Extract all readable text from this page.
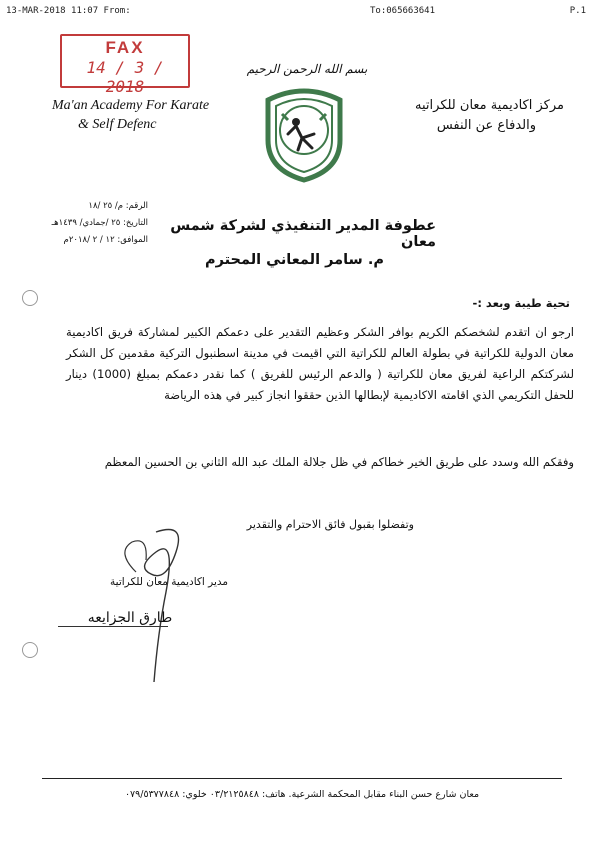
13-MAR-2018 11:07 From:	To:065663641	P.1
FAX
14 / 3 / 2018
بسم الله الرحمن الرحيم
Ma'an Academy For Karate
& Self Defenc
مركز اكاديمية معان للكراتيه
والدفاع عن النفس
الرقم: م/ ٢٥ /١٨
التاريخ: ٢٥ /جمادي/ ١٤٣٩هـ
الموافق: ١٢ / ٢ /٢٠١٨م
عطوفة المدير التنفيذي لشركة شمس معان
م. سامر المعاني المحترم
تحية طيبة وبعد :-
ارجو ان اتقدم لشخصكم الكريم بوافر الشكر وعظيم التقدير على دعمكم الكبير لمشاركة فريق اكاديمية معان الدولية للكراتية في بطولة العالم للكراتية التي اقيمت في مدينة اسطنبول التركية مقدمين كل الشكر لشركتكم الراعية لفريق معان للكراتية ( والدعم الرئيس للفريق ) كما نقدر دعمكم بمبلغ (1000) دينار للحفل التكريمي الذي اقامته الاكاديمية لإبطالها الذين حققوا انجاز كبير في هذه الرياضة
وفقكم الله وسدد على طريق الخير خطاكم في ظل جلالة الملك عبد الله الثاني بن الحسين المعظم
وتفضلوا بقبول فائق الاحترام والتقدير
مدير اكاديمية معان للكراتية
طارق الجزايعه
معان شارع حسن البناء مقابل المحكمة الشرعية. هاتف: ٠٣/٢١٢٥٨٤٨ خلوي: ٠٧٩/٥٣٧٧٨٤٨
